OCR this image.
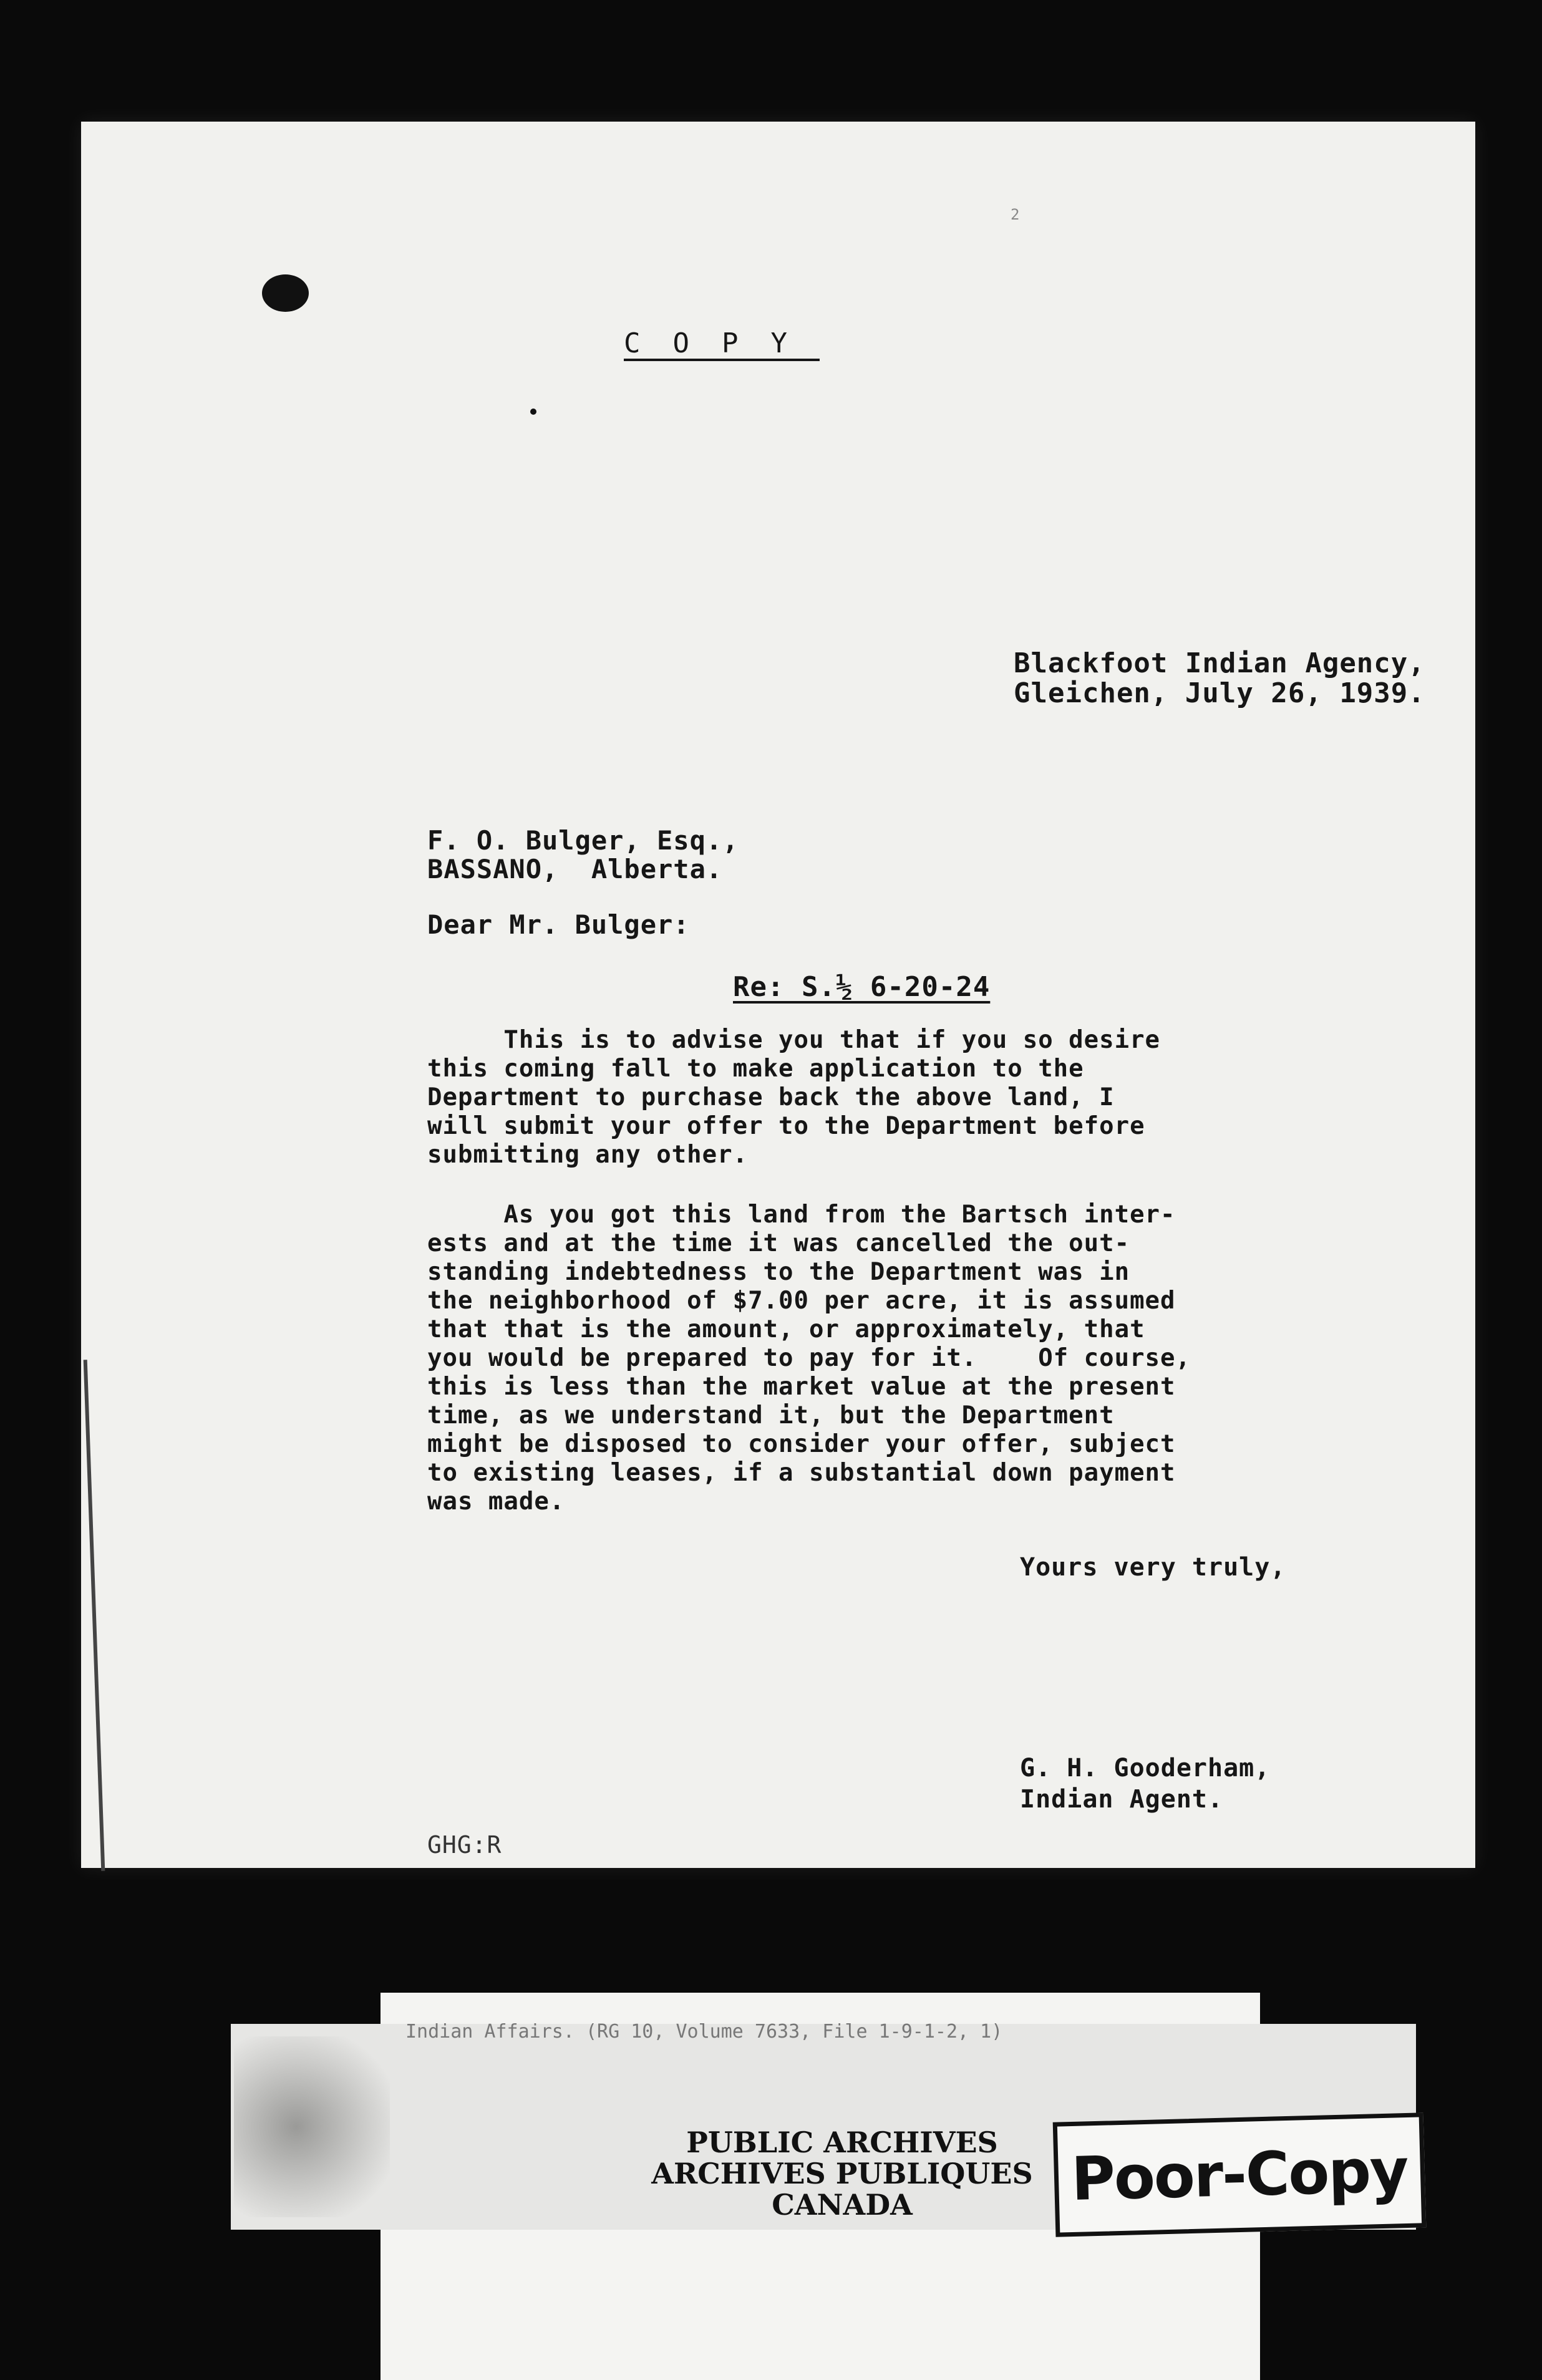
2
COPY
Blackfoot Indian Agency,
Gleichen, July 26, 1939.
F. O. Bulger, Esq.,
BASSANO,  Alberta.
Dear Mr. Bulger:
Re: S.½ 6-20-24
This is to advise you that if you so desire
this coming fall to make application to the
Department to purchase back the above land, I
will submit your offer to the Department before
submitting any other.
As you got this land from the Bartsch inter-
ests and at the time it was cancelled the out-
standing indebtedness to the Department was in
the neighborhood of $7.00 per acre, it is assumed
that that is the amount, or approximately, that
you would be prepared to pay for it.    Of course,
this is less than the market value at the present
time, as we understand it, but the Department
might be disposed to consider your offer, subject
to existing leases, if a substantial down payment
was made.
Yours very truly,
G. H. Gooderham,
Indian Agent.
GHG:R
Indian Affairs. (RG 10, Volume 7633, File 1-9-1-2, 1)
PUBLIC ARCHIVES
ARCHIVES PUBLIQUES
CANADA	Poor-Copy
